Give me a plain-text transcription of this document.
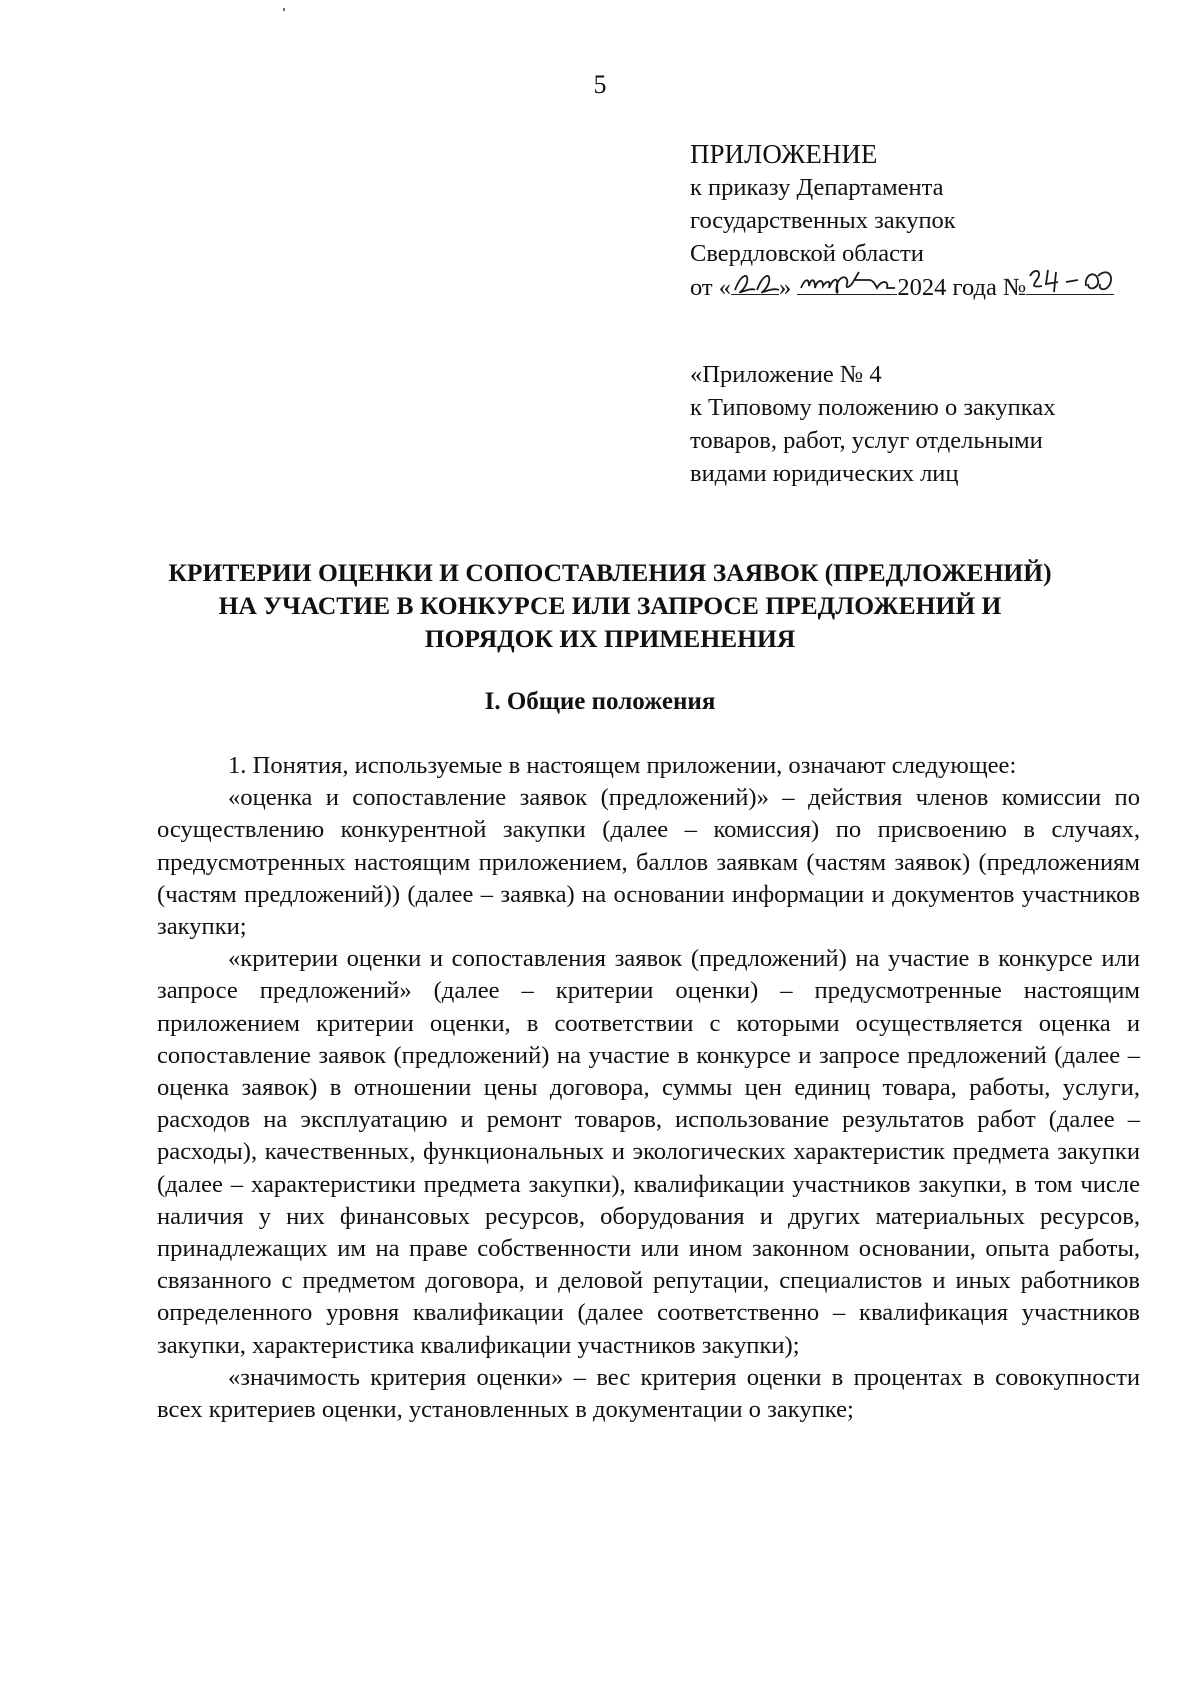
5
ПРИЛОЖЕНИЕ
к приказу Департамента
государственных закупок
Свердловской области
от « »	2024 года №
«Приложение № 4
к Типовому положению о закупках
товаров, работ, услуг отдельными
видами юридических лиц
КРИТЕРИИ ОЦЕНКИ И СОПОСТАВЛЕНИЯ ЗАЯВОК (ПРЕДЛОЖЕНИЙ)
НА УЧАСТИЕ В КОНКУРСЕ ИЛИ ЗАПРОСЕ ПРЕДЛОЖЕНИЙ И
ПОРЯДОК ИХ ПРИМЕНЕНИЯ
I. Общие положения

1. Понятия, используемые в настоящем приложении, означают следующее:

«оценка и сопоставление заявок (предложений)» – действия членов комиссии по осуществлению конкурентной закупки (далее – комиссия) по присвоению в случаях, предусмотренных настоящим приложением, баллов заявкам (частям заявок) (предложениям (частям предложений)) (далее – заявка) на основании информации и документов участников закупки;

«критерии оценки и сопоставления заявок (предложений) на участие в конкурсе или запросе предложений» (далее – критерии оценки) – предусмотренные настоящим приложением критерии оценки, в соответствии с которыми осуществляется оценка и сопоставление заявок (предложений) на участие в конкурсе и запросе предложений (далее – оценка заявок) в отношении цены договора, суммы цен единиц товара, работы, услуги, расходов на эксплуатацию и ремонт товаров, использование результатов работ (далее – расходы), качественных, функциональных и экологических характеристик предмета закупки (далее – характеристики предмета закупки), квалификации участников закупки, в том числе наличия у них финансовых ресурсов, оборудования и других материальных ресурсов, принадлежащих им на праве собственности или ином законном основании, опыта работы, связанного с предметом договора, и деловой репутации, специалистов и иных работников определенного уровня квалификации (далее соответственно – квалификация участников закупки, характеристика квалификации участников закупки);

«значимость критерия оценки» – вес критерия оценки в процентах в совокупности всех критериев оценки, установленных в документации о закупке;
